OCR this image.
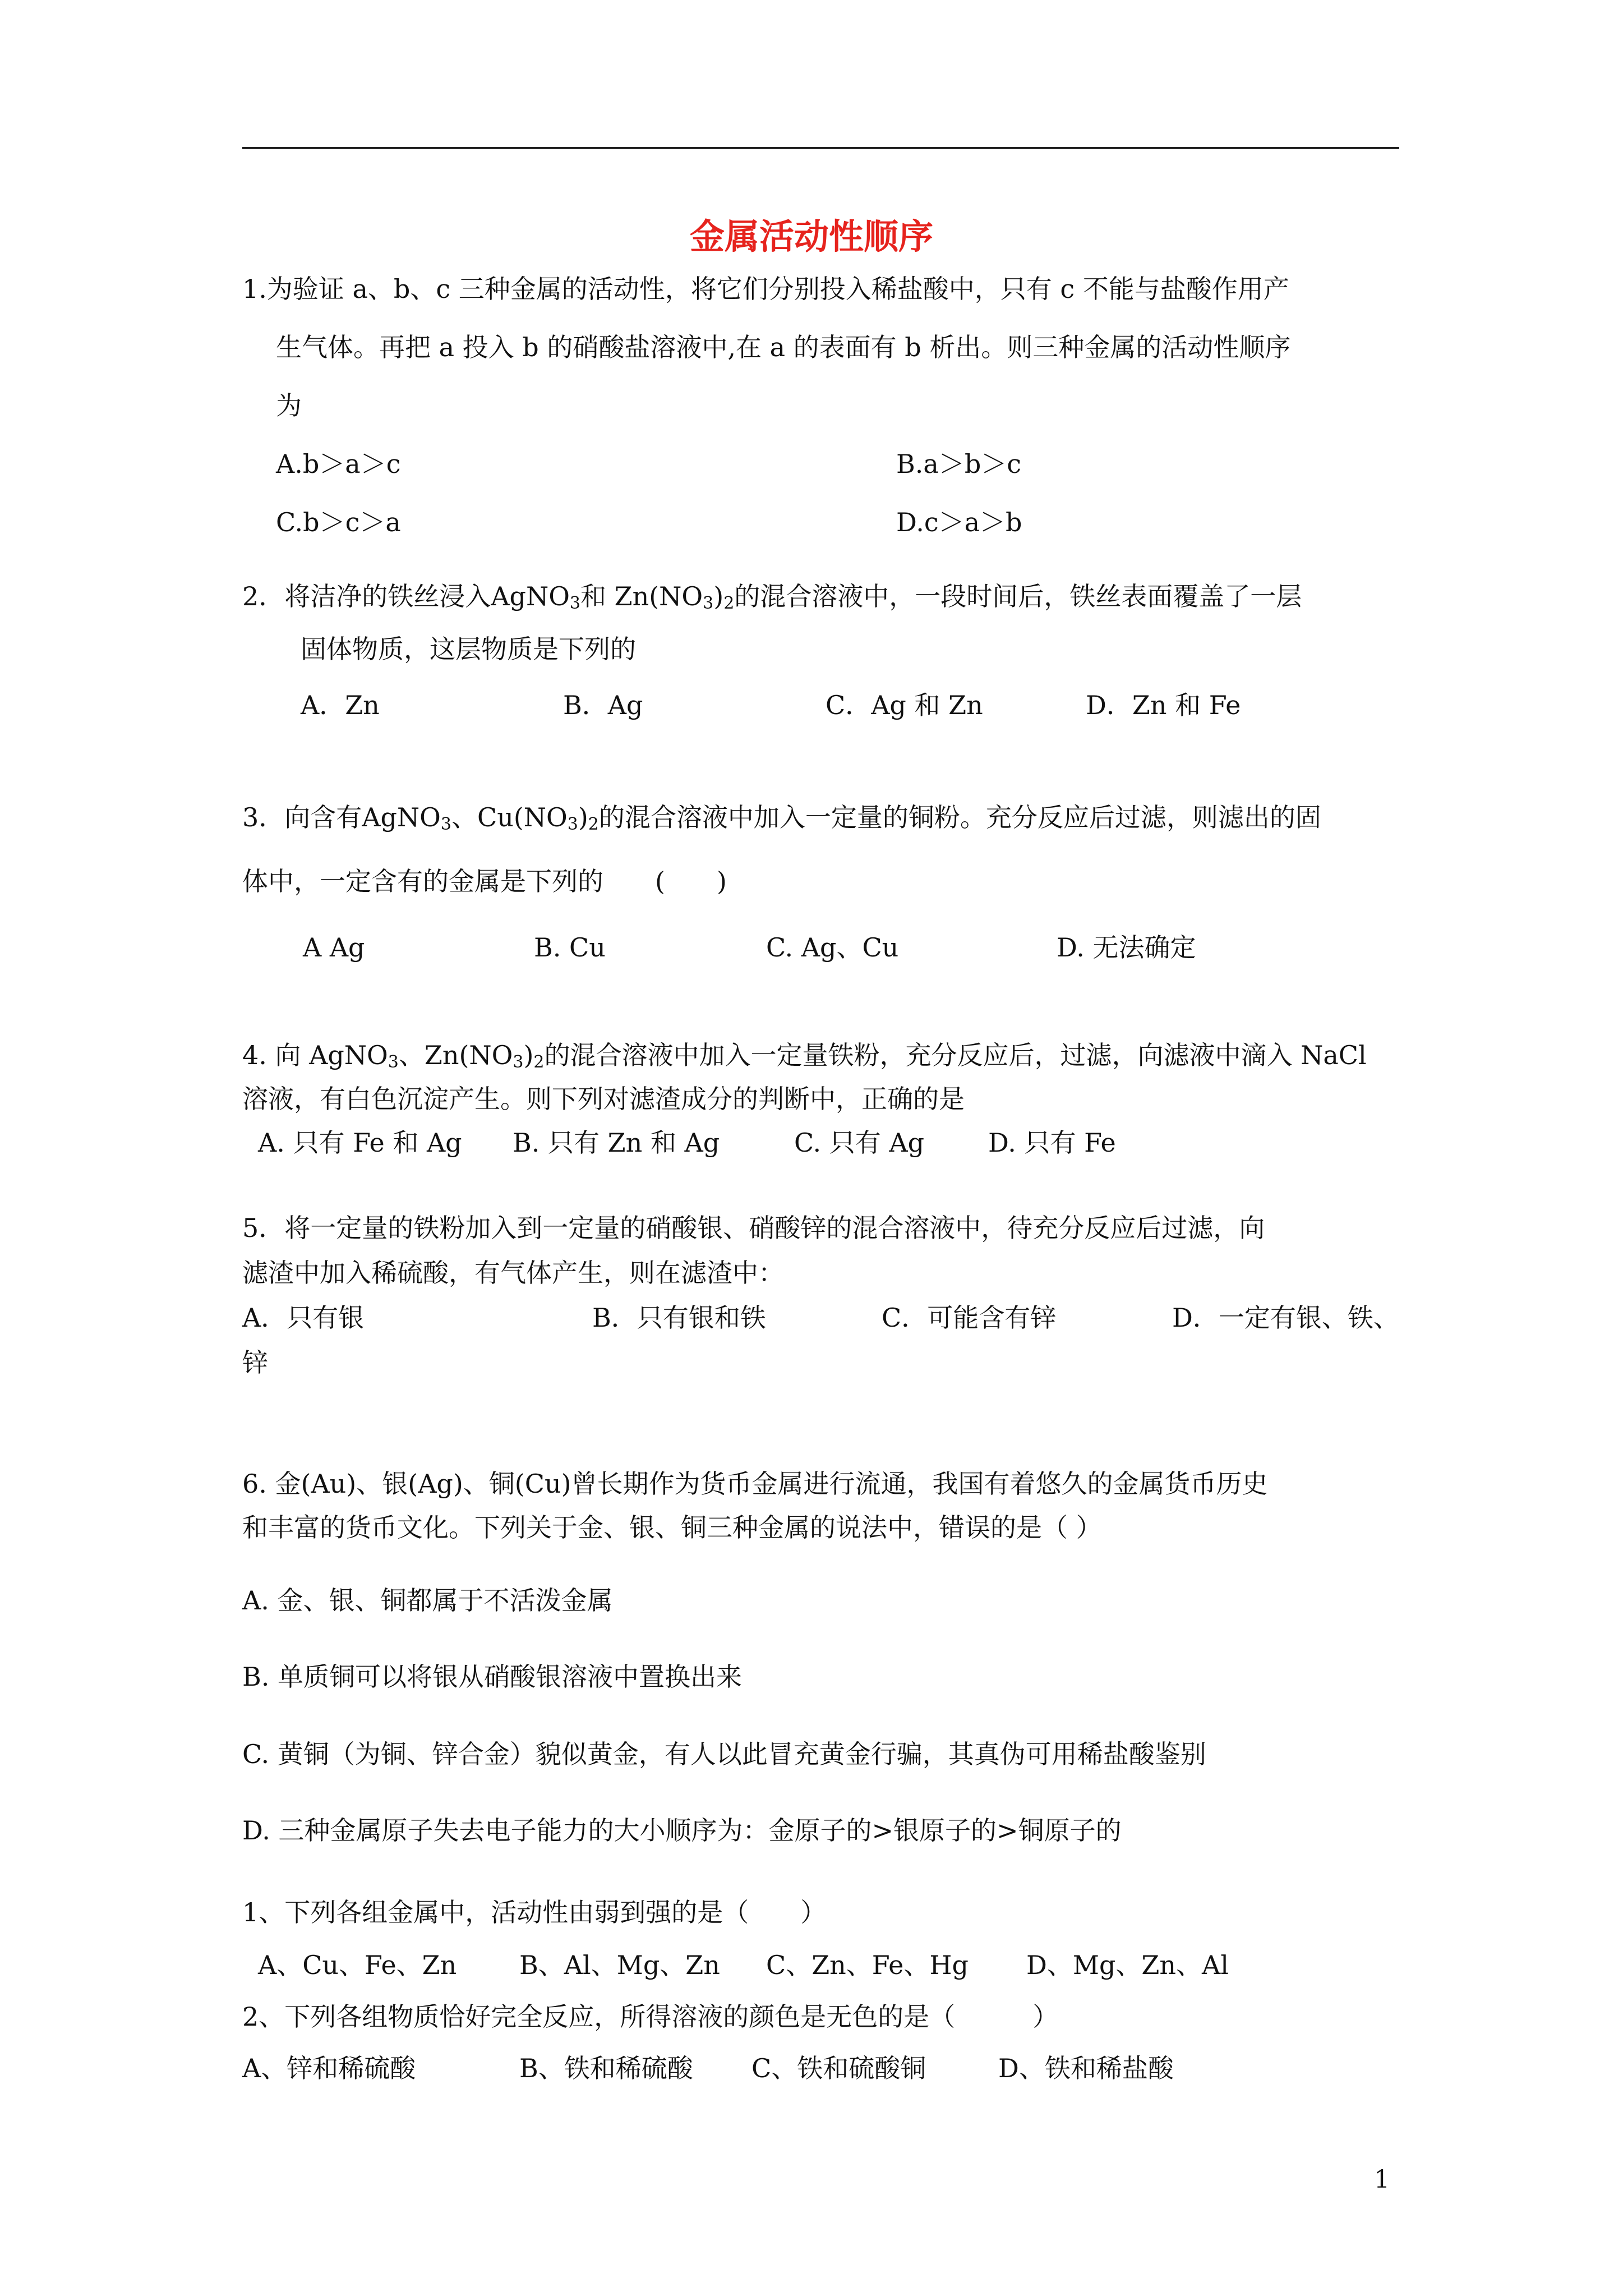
金属活动性顺序
1.为验证 a、b、c 三种金属的活动性，将它们分别投入稀盐酸中，只有 c 不能与盐酸作用产
生气体。再把 a 投入 b 的硝酸盐溶液中,在 a 的表面有 b 析出。则三种金属的活动性顺序
为
A.b＞a＞c	B.a＞b＞c
C.b＞c＞a	D.c＞a＞b
2．将洁净的铁丝浸入AgNO$_3$和 $Zn(NO_3)_2$的混合溶液中，一段时间后，铁丝表面覆盖了一层
固体物质，这层物质是下列的
A．Zn	B．Ag	C．Ag 和 Zn	D．Zn 和 Fe
3．向含有AgNO$_3$、$Cu(NO_3)_2$的混合溶液中加入一定量的铜粉。充分反应后过滤，则滤出的固
体中，一定含有的金属是下列的　　(　　)
A Ag	B. Cu	C. Ag、Cu	D. 无法确定
4. 向 AgNO$_3$、$Zn(NO_3)_2$的混合溶液中加入一定量铁粉，充分反应后，过滤，向滤液中滴入 NaCl
溶液，有白色沉淀产生。则下列对滤渣成分的判断中，正确的是
A. 只有 Fe 和 Ag B. 只有 Zn 和 Ag	C. 只有 Ag D. 只有 Fe
5．将一定量的铁粉加入到一定量的硝酸银、硝酸锌的混合溶液中，待充分反应后过滤，向
滤渣中加入稀硫酸，有气体产生，则在滤渣中：
A．只有银	B．只有银和铁	C．可能含有锌	D．一定有银、铁、
锌
6. 金(Au)、银(Ag)、铜(Cu)曾长期作为货币金属进行流通，我国有着悠久的金属货币历史
和丰富的货币文化。下列关于金、银、铜三种金属的说法中，错误的是（ ）
A. 金、银、铜都属于不活泼金属
B. 单质铜可以将银从硝酸银溶液中置换出来
C. 黄铜（为铜、锌合金）貌似黄金，有人以此冒充黄金行骗，其真伪可用稀盐酸鉴别
D. 三种金属原子失去电子能力的大小顺序为：金原子的>银原子的>铜原子的
1、下列各组金属中，活动性由弱到强的是（　　）
A、Cu、Fe、Zn B、Al、Mg、Zn C、Zn、Fe、Hg D、Mg、Zn、Al
2、下列各组物质恰好完全反应，所得溶液的颜色是无色的是（　　　）
A、锌和稀硫酸	B、铁和稀硫酸 C、铁和硫酸铜	D、铁和稀盐酸
1
